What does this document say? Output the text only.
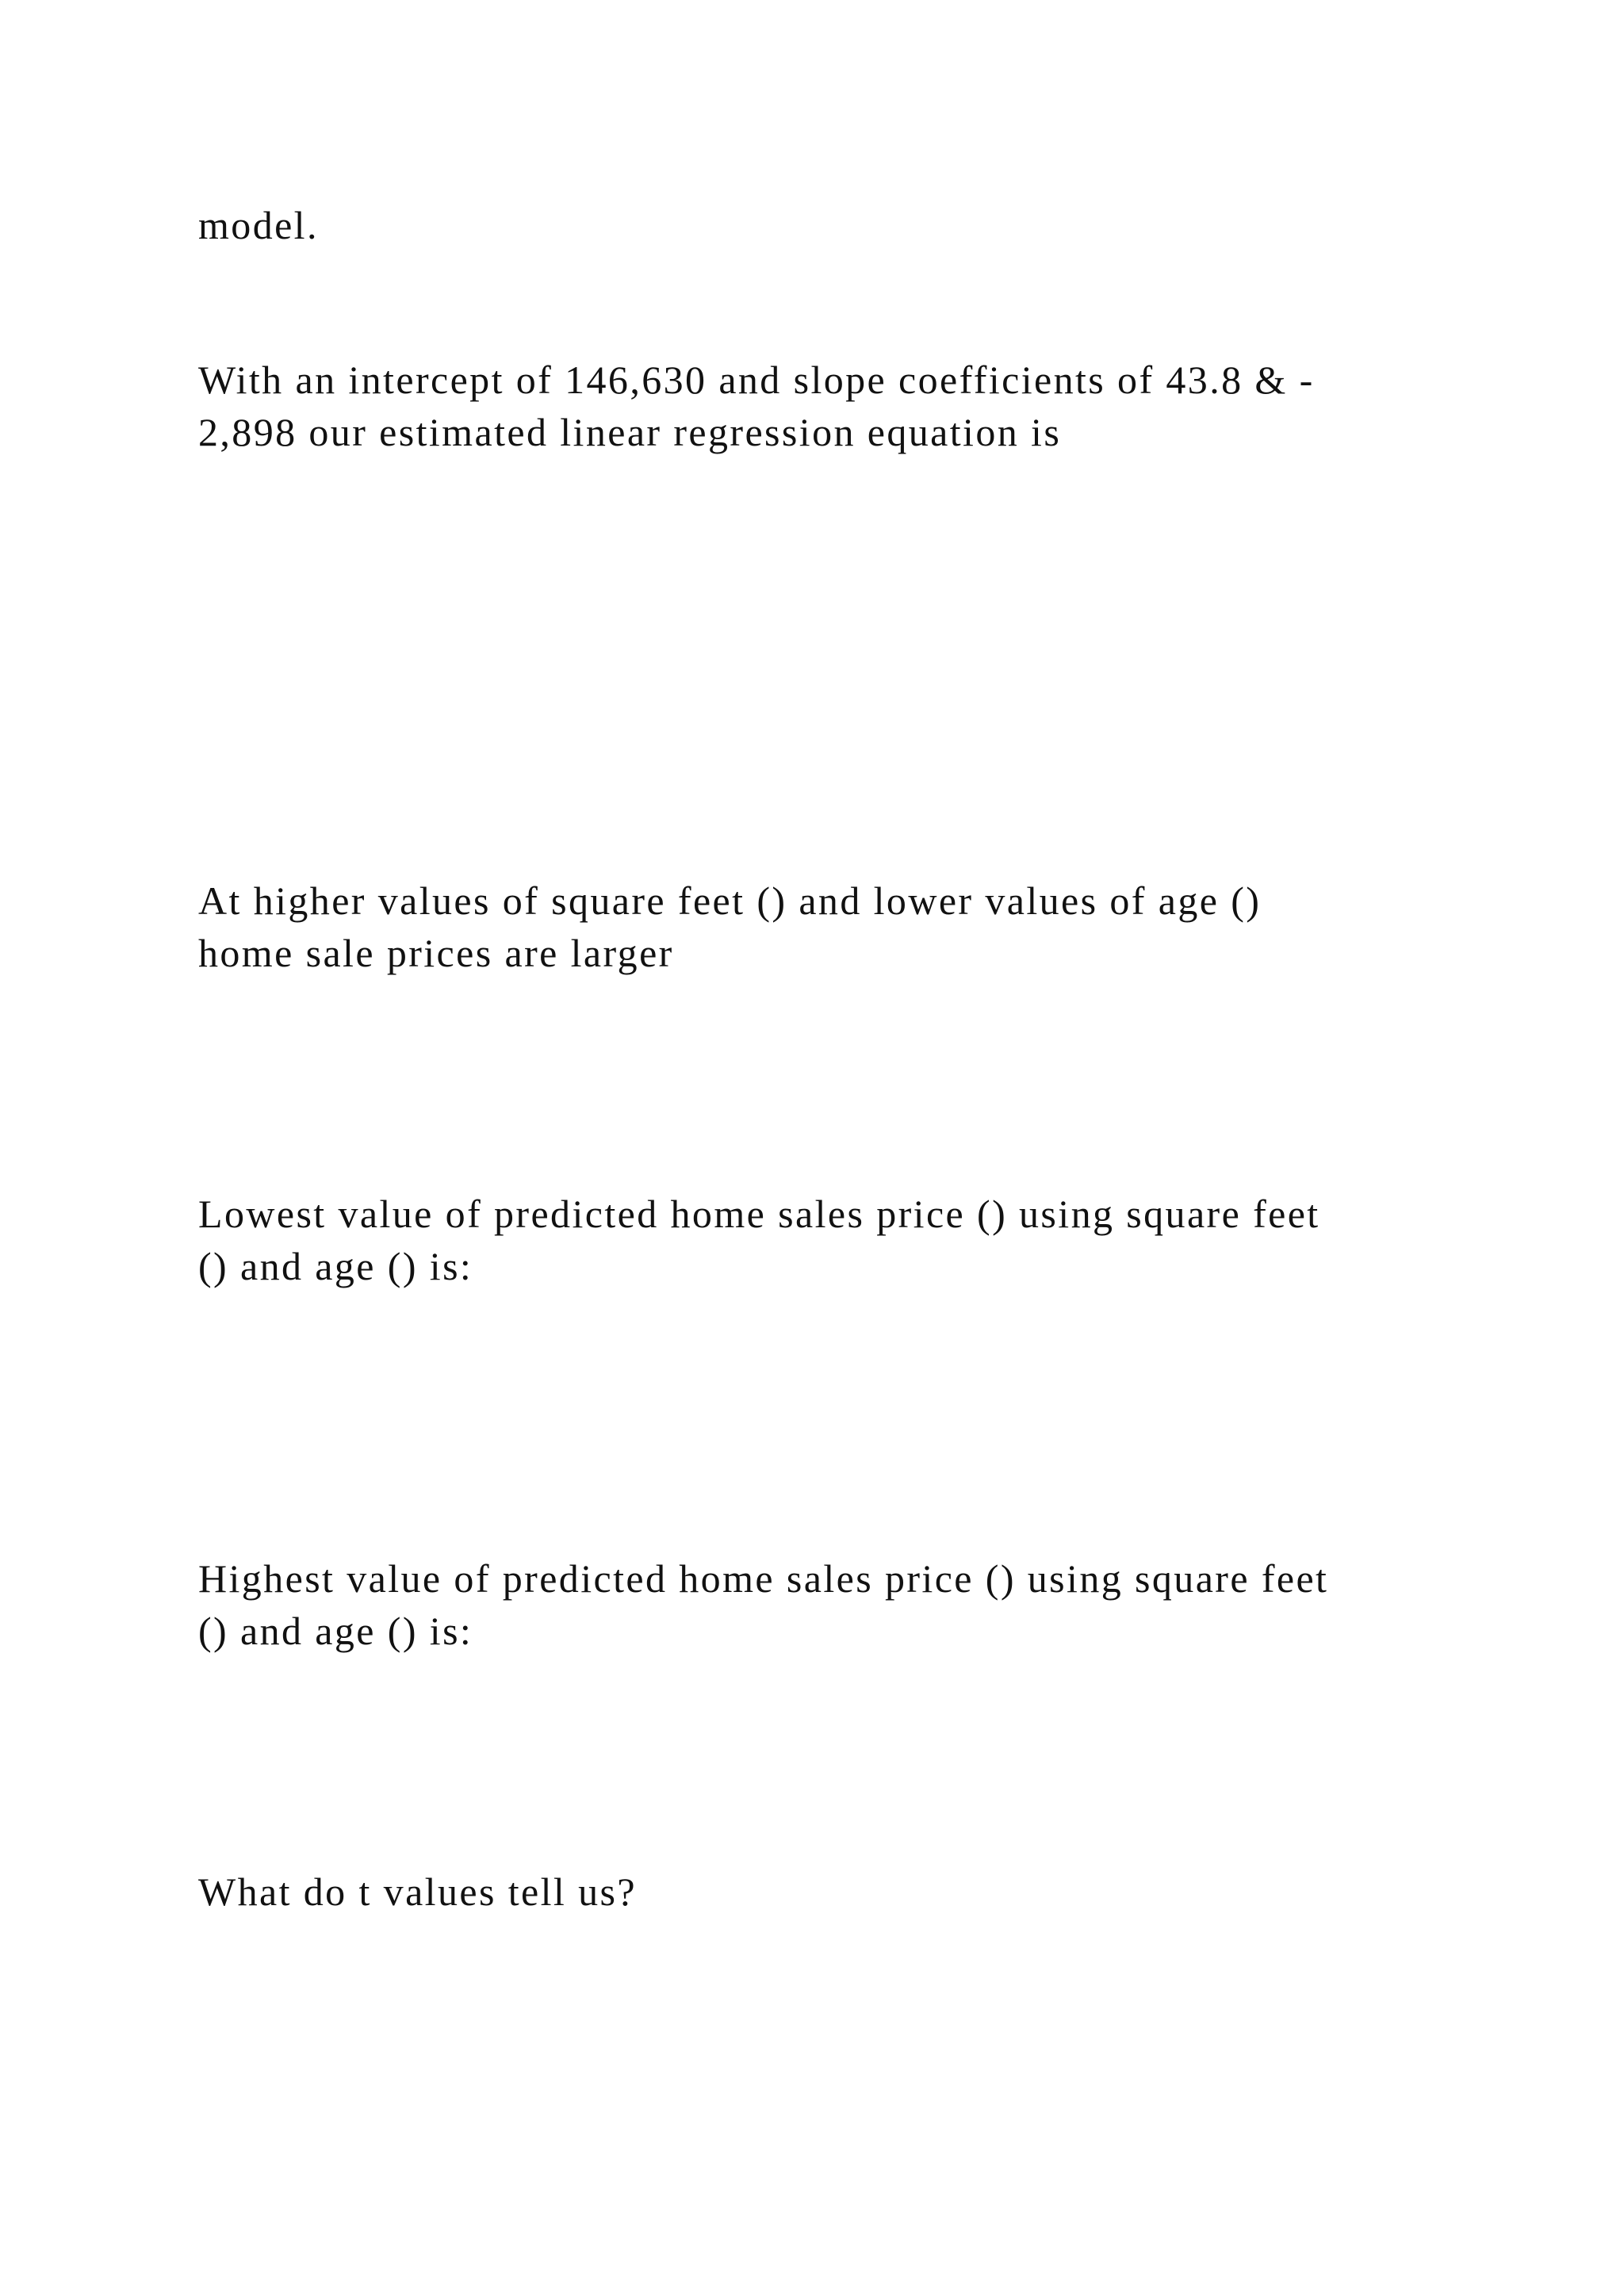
model.

With an intercept of 146,630 and slope coefficients of 43.8 & -
2,898 our estimated linear regression equation is

At higher values of square feet () and lower values of age ()
home sale prices are larger

Lowest value of predicted home sales price () using square feet
() and age () is:

Highest value of predicted home sales price () using square feet
() and age () is:

What do t values tell us?
